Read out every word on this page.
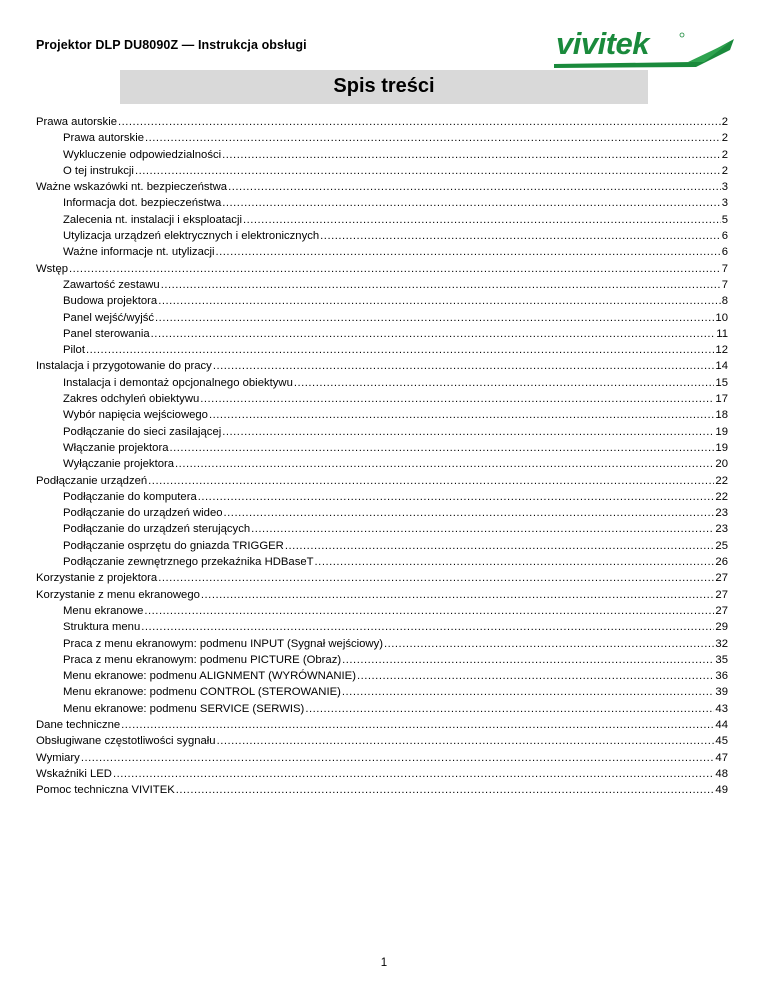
Projektor DLP DU8090Z — Instrukcja obsługi	vivitek
Spis treści
Prawa autorskie .....	2
Prawa autorskie .....	2
Wykluczenie odpowiedzialności .....	2
O tej instrukcji .....	2
Ważne wskazówki nt. bezpieczeństwa .....	3
Informacja dot. bezpieczeństwa .....	3
Zalecenia nt. instalacji i eksploatacji .....	5
Utylizacja urządzeń elektrycznych i elektronicznych .....	6
Ważne informacje nt. utylizacji .....	6
Wstęp .....	7
Zawartość zestawu .....	7
Budowa projektora .....	8
Panel wejść/wyjść .....	10
Panel sterowania .....	11
Pilot .....	12
Instalacja i przygotowanie do pracy .....	14
Instalacja i demontaż opcjonalnego obiektywu .....	15
Zakres odchyleń obiektywu .....	17
Wybór napięcia wejściowego .....	18
Podłączanie do sieci zasilającej .....	19
Włączanie projektora .....	19
Wyłączanie projektora .....	20
Podłączanie urządzeń .....	22
Podłączanie do komputera .....	22
Podłączanie do urządzeń wideo .....	23
Podłączanie do urządzeń sterujących .....	23
Podłączanie osprzętu do gniazda TRIGGER .....	25
Podłączanie zewnętrznego przekaźnika HDBaseT .....	26
Korzystanie z projektora .....	27
Korzystanie z menu ekranowego .....	27
Menu ekranowe .....	27
Struktura menu .....	29
Praca z menu ekranowym: podmenu INPUT (Sygnał wejściowy) .....	32
Praca z menu ekranowym: podmenu PICTURE (Obraz) .....	35
Menu ekranowe: podmenu ALIGNMENT (WYRÓWNANIE) .....	36
Menu ekranowe: podmenu CONTROL (STEROWANIE) .....	39
Menu ekranowe: podmenu SERVICE (SERWIS) .....	43
Dane techniczne .....	44
Obsługiwane częstotliwości sygnału .....	45
Wymiary .....	47
Wskaźniki LED .....	48
Pomoc techniczna VIVITEK .....	49
1
